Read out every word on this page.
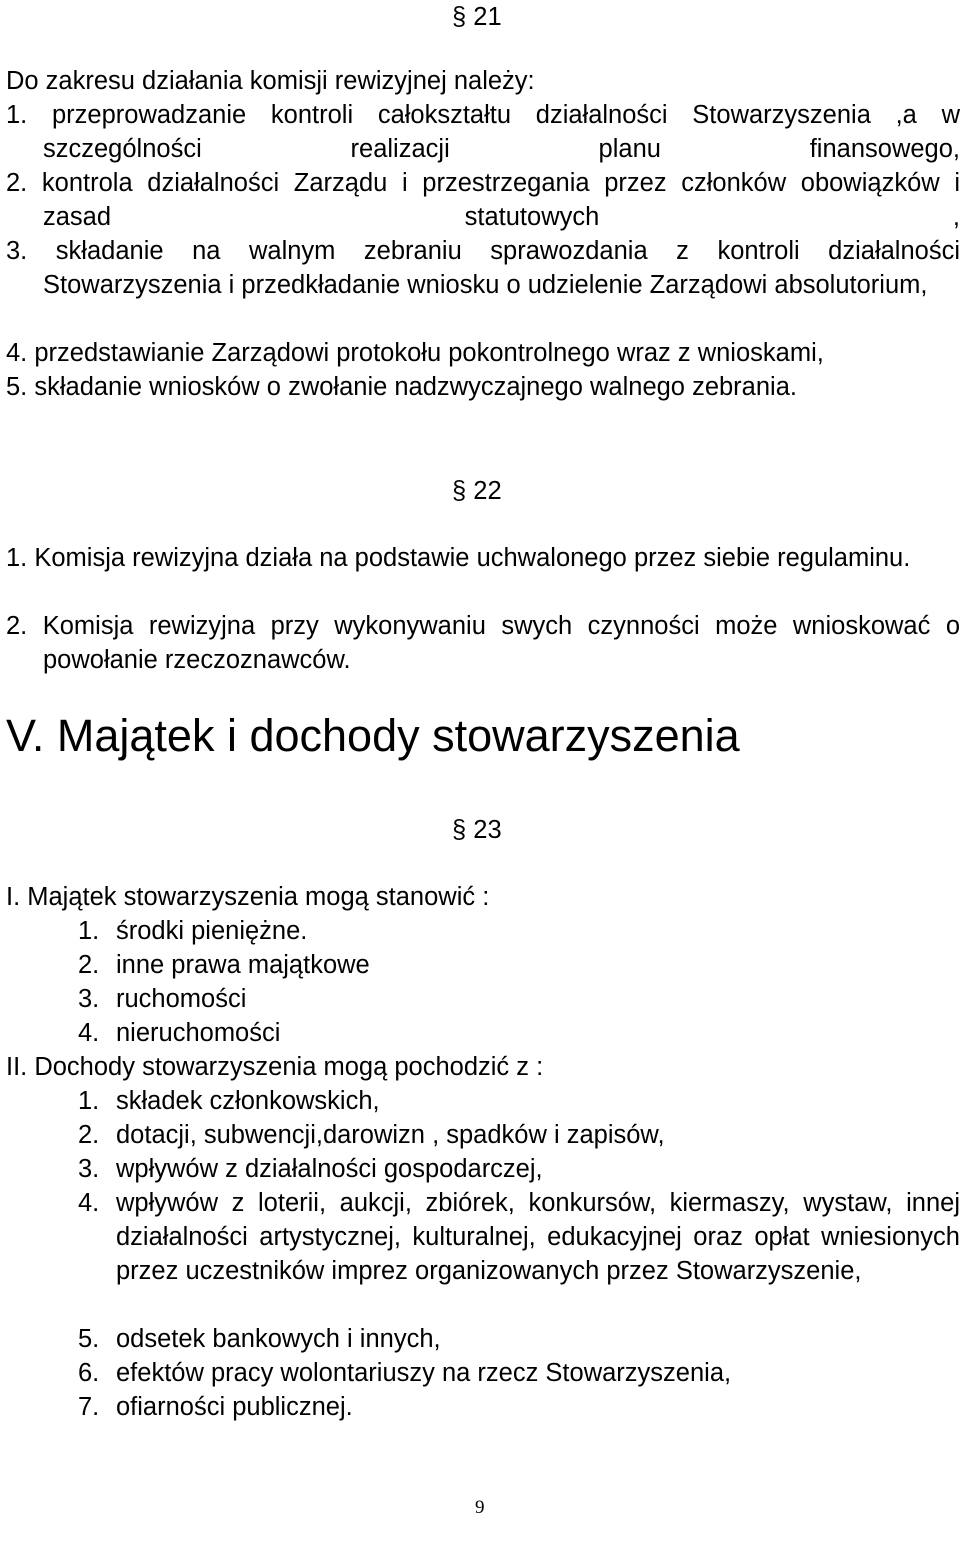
§ 21
Do zakresu działania komisji rewizyjnej należy:
1. przeprowadzanie kontroli całokształtu działalności Stowarzyszenia ,a w szczególności realizacji planu finansowego,
2. kontrola działalności Zarządu i przestrzegania przez członków obowiązków i zasad statutowych ,
3. składanie na walnym zebraniu sprawozdania z kontroli działalności Stowarzyszenia i przedkładanie wniosku o udzielenie Zarządowi absolutorium,
4. przedstawianie Zarządowi protokołu pokontrolnego wraz z wnioskami,
5. składanie wniosków o zwołanie nadzwyczajnego walnego zebrania.
§ 22
1. Komisja rewizyjna działa na podstawie uchwalonego przez siebie regulaminu.
2. Komisja rewizyjna przy wykonywaniu swych czynności może wnioskować o powołanie rzeczoznawców.
V. Majątek i dochody stowarzyszenia
§ 23
I. Majątek stowarzyszenia mogą stanowić :
1. środki pieniężne.
2. inne prawa majątkowe
3. ruchomości
4. nieruchomości
II. Dochody stowarzyszenia mogą pochodzić z :
1. składek członkowskich,
2. dotacji, subwencji,darowizn , spadków i zapisów,
3. wpływów z działalności gospodarczej,
4. wpływów z loterii, aukcji, zbiórek, konkursów, kiermaszy, wystaw, innej działalności artystycznej, kulturalnej, edukacyjnej oraz opłat wniesionych przez uczestników imprez organizowanych przez Stowarzyszenie,
5. odsetek bankowych i innych,
6. efektów pracy wolontariuszy na rzecz Stowarzyszenia,
7. ofiarności publicznej.
9
